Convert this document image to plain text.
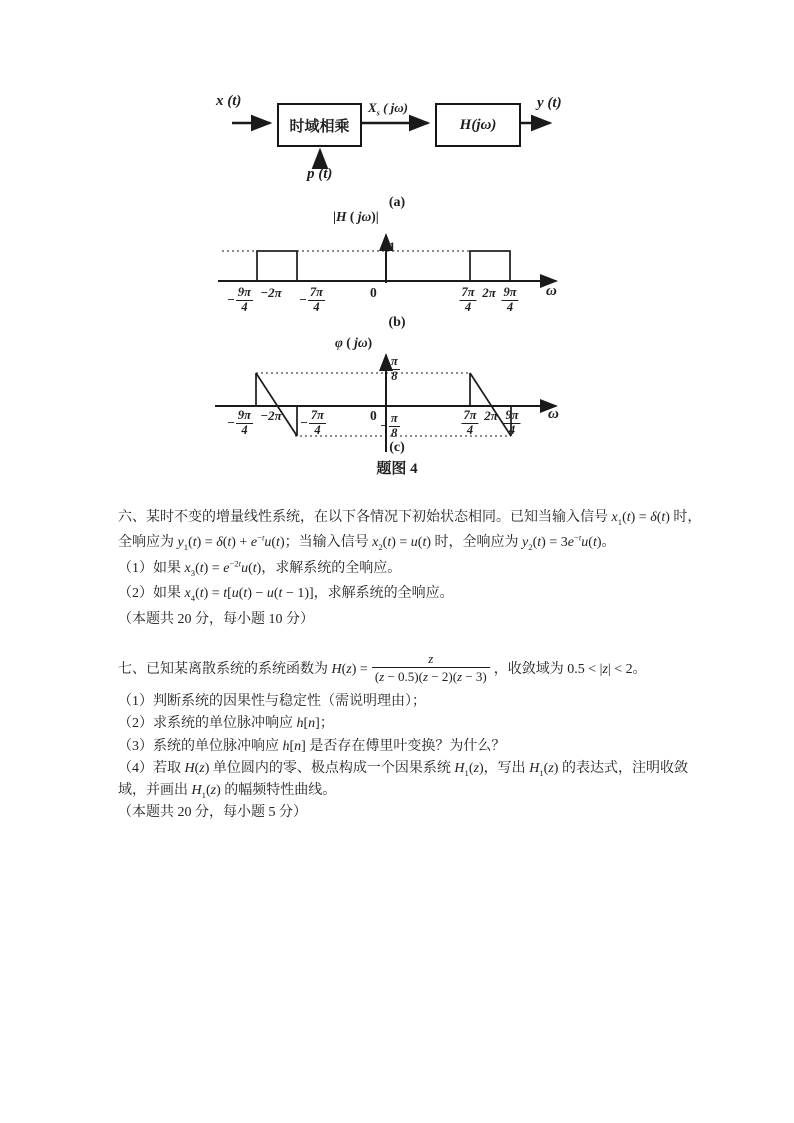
x (t)
时域相乘
$X_s$ ( jω)
H ( jω )
y (t)
p (t)
(a)
|H ( jω)|
1
0	ω
− $\frac{9\pi}{4} -2\pi - \frac{7\pi}{4}$	$\frac{7\pi}{4} 2\pi \frac{9\pi}{4}$
(b)
φ ( jω)
$\frac{\pi}{8}$
− $\frac{\pi}{8}$
0	ω
− $\frac{9\pi}{4} -2\pi - \frac{7\pi}{4}$	$\frac{7\pi}{4} 2\pi \frac{9\pi}{4}$
(c)
题图 4
六、某时不变的增量线性系统，在以下各情况下初始状态相同。已知当输入信号 $x_1(t) = \delta(t)$ 时，
全响应为 $y_1(t) = \delta(t) + e^{-t}u(t)$；当输入信号 $x_2(t) = u(t)$ 时，全响应为 $y_2(t) = 3e^{-t}u(t)$。
（1）如果 $x_3(t) = e^{-2t}u(t)$，求解系统的全响应。
（2）如果 $x_4(t) = t[u(t) - u(t - 1)]$，求解系统的全响应。
（本题共 20 分，每小题 10 分）
七、已知某离散系统的系统函数为 $H(z) = \frac{z}{(z - 0.5)(z - 2)(z - 3)}$ ，收敛域为 0.5 < |z| < 2。
（1）判断系统的因果性与稳定性（需说明理由）；
（2）求系统的单位脉冲响应 h[n]；
（3）系统的单位脉冲响应 h[n] 是否存在傅里叶变换？为什么？
（4）若取 H(z) 单位圆内的零、极点构成一个因果系统 $H_1(z)$，写出 $H_1(z)$ 的表达式，注明收敛
域，并画出 $H_1(z)$ 的幅频特性曲线。
（本题共 20 分，每小题 5 分）
